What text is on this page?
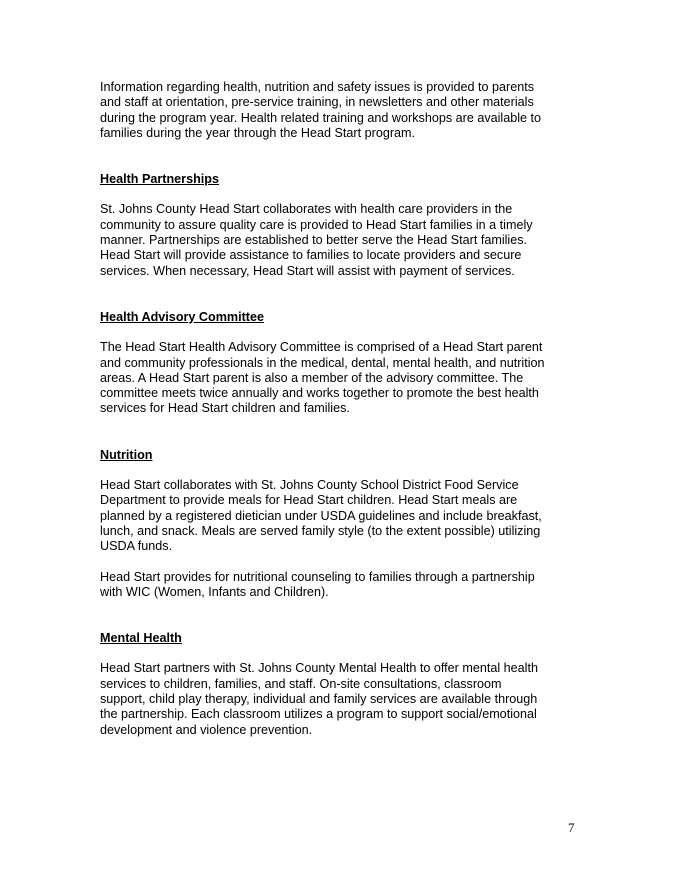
Information regarding health, nutrition and safety issues is provided to parents
and staff at orientation, pre-service training, in newsletters and other materials
during the program year. Health related training and workshops are available to
families during the year through the Head Start program.

Health Partnerships

St. Johns County Head Start collaborates with health care providers in the
community to assure quality care is provided to Head Start families in a timely
manner. Partnerships are established to better serve the Head Start families.
Head Start will provide assistance to families to locate providers and secure
services. When necessary, Head Start will assist with payment of services.

Health Advisory Committee

The Head Start Health Advisory Committee is comprised of a Head Start parent
and community professionals in the medical, dental, mental health, and nutrition
areas. A Head Start parent is also a member of the advisory committee. The
committee meets twice annually and works together to promote the best health
services for Head Start children and families.

Nutrition

Head Start collaborates with St. Johns County School District Food Service
Department to provide meals for Head Start children. Head Start meals are
planned by a registered dietician under USDA guidelines and include breakfast,
lunch, and snack. Meals are served family style (to the extent possible) utilizing
USDA funds.

Head Start provides for nutritional counseling to families through a partnership
with WIC (Women, Infants and Children).

Mental Health

Head Start partners with St. Johns County Mental Health to offer mental health
services to children, families, and staff. On-site consultations, classroom
support, child play therapy, individual and family services are available through
the partnership. Each classroom utilizes a program to support social/emotional
development and violence prevention.

7
